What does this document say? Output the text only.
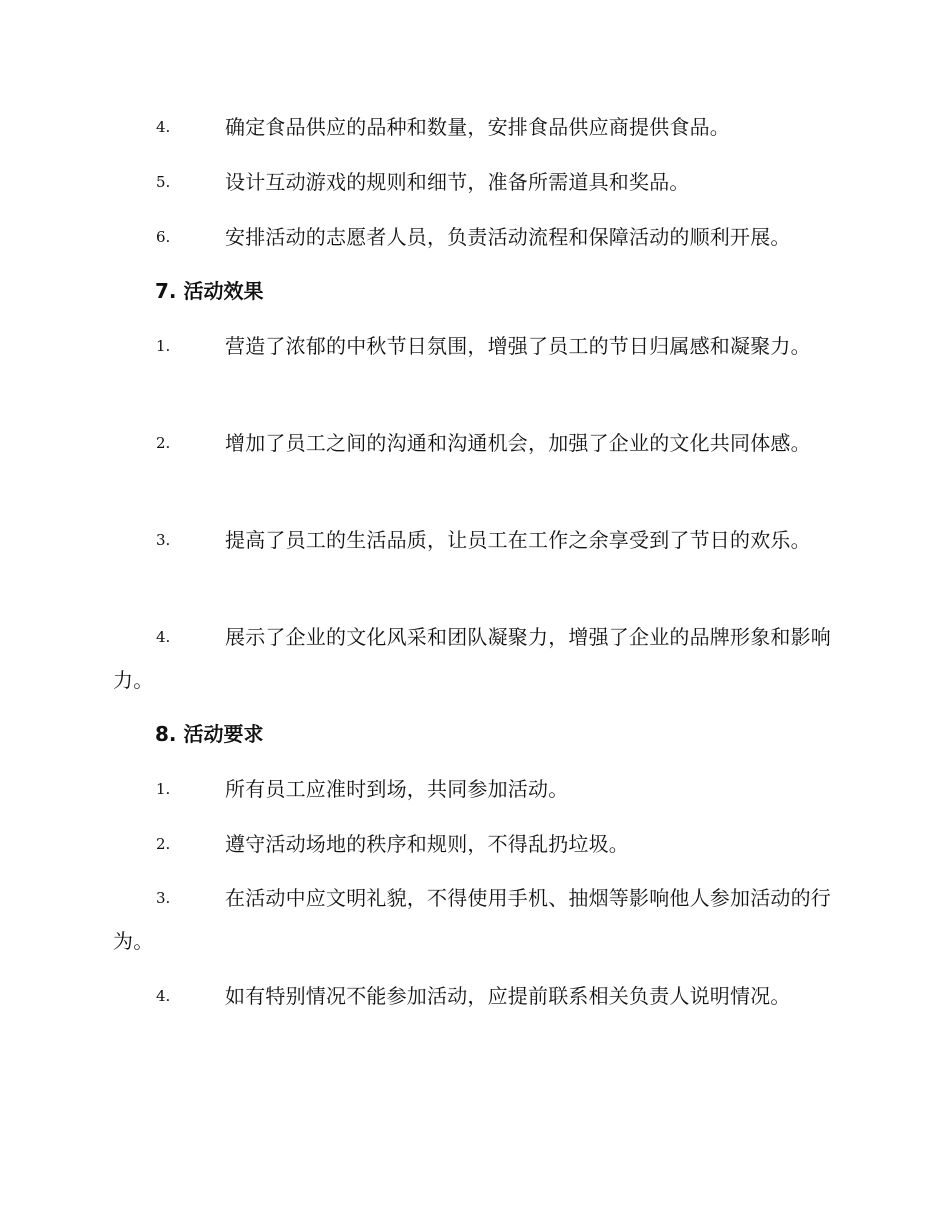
4.	确定食品供应的品种和数量，安排食品供应商提供食品。
5.	设计互动游戏的规则和细节，准备所需道具和奖品。
6.	安排活动的志愿者人员，负责活动流程和保障活动的顺利开展。
7. 活动效果
1.	营造了浓郁的中秋节日氛围，增强了员工的节日归属感和凝聚力。
2.	增加了员工之间的沟通和沟通机会，加强了企业的文化共同体感。
3.	提高了员工的生活品质，让员工在工作之余享受到了节日的欢乐。
4.	展示了企业的文化风采和团队凝聚力，增强了企业的品牌形象和影响力。
8. 活动要求
1.	所有员工应准时到场，共同参加活动。
2.	遵守活动场地的秩序和规则，不得乱扔垃圾。
3.	在活动中应文明礼貌，不得使用手机、抽烟等影响他人参加活动的行为。
4.	如有特别情况不能参加活动，应提前联系相关负责人说明情况。
